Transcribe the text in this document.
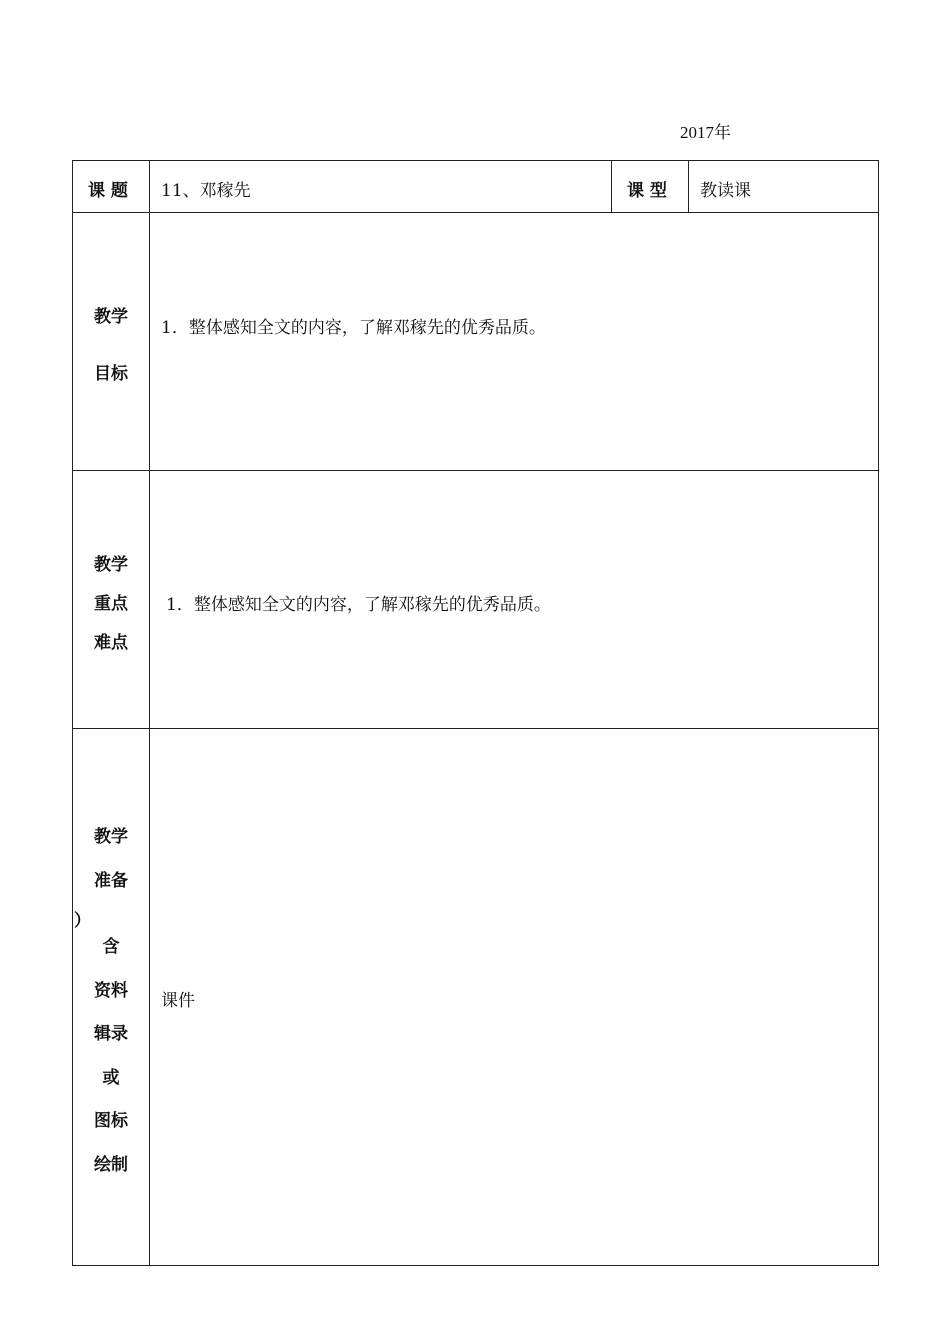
2017年
课 题 11、邓稼先	课 型 教读课
教学
目标
1．整体感知全文的内容，了解邓稼先的优秀品质。
教学
重点
难点
1．整体感知全文的内容，了解邓稼先的优秀品质。
教学
准备
）
含
资料
辑录
或
图标
绘制
课件
